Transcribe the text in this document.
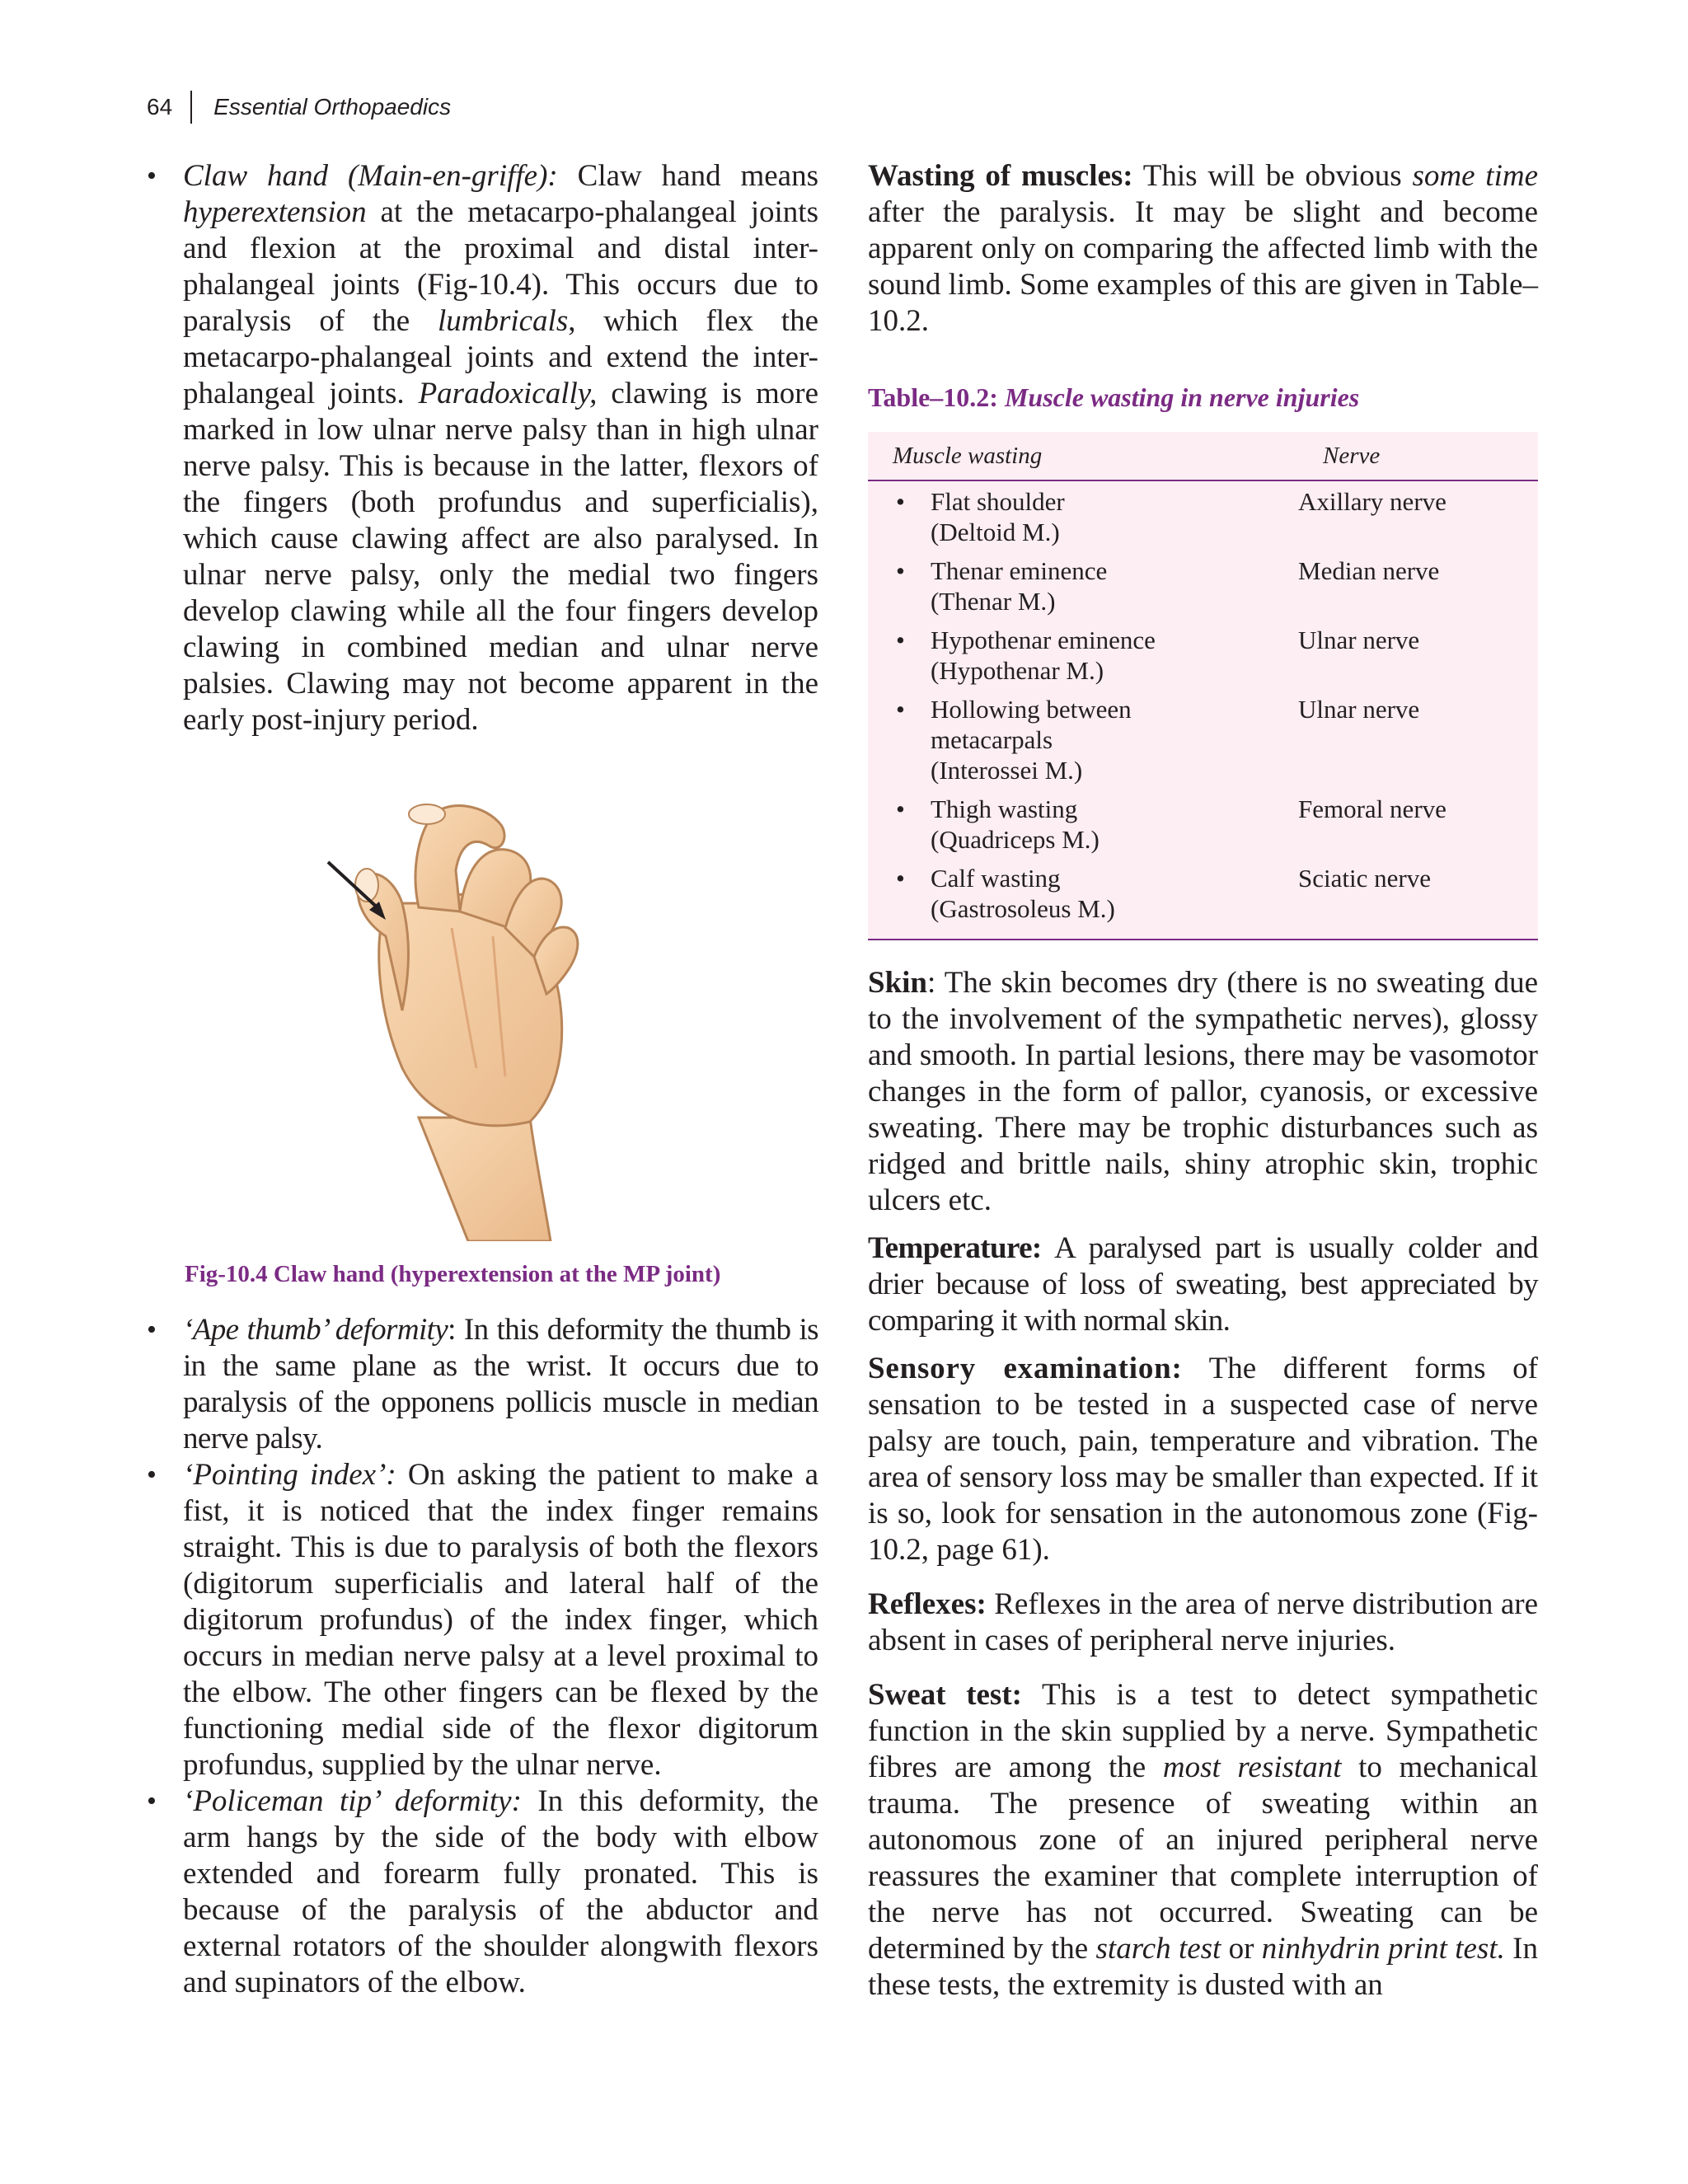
64 Essential Orthopaedics

• Claw hand (Main-en-griffe): Claw hand means hyperextension at the metacarpo-phalangeal joints and flexion at the proximal and distal inter-phalangeal joints (Fig-10.4). This occurs due to paralysis of the lumbricals, which flex the metacarpo-phalangeal joints and extend the inter-phalangeal joints. Paradoxically, clawing is more marked in low ulnar nerve palsy than in high ulnar nerve palsy. This is because in the latter, flexors of the fingers (both profundus and superficialis), which cause clawing affect are also paralysed. In ulnar nerve palsy, only the medial two fingers develop clawing while all the four fingers develop clawing in combined median and ulnar nerve palsies. Clawing may not become apparent in the early post-injury period.

Fig-10.4 Claw hand (hyperextension at the MP joint)

• ‘Ape thumb’ deformity: In this deformity the thumb is in the same plane as the wrist. It occurs due to paralysis of the opponens pollicis muscle in median nerve palsy.

• ‘Pointing index’: On asking the patient to make a fist, it is noticed that the index finger remains straight. This is due to paralysis of both the flexors (digitorum superficialis and lateral half of the digitorum profundus) of the index finger, which occurs in median nerve palsy at a level proximal to the elbow. The other fingers can be flexed by the functioning medial side of the flexor digitorum profundus, supplied by the ulnar nerve.

• ‘Policeman tip’ deformity: In this deformity, the arm hangs by the side of the body with elbow extended and forearm fully pronated. This is because of the paralysis of the abductor and external rotators of the shoulder alongwith flexors and supinators of the elbow.

Wasting of muscles: This will be obvious some time after the paralysis. It may be slight and become apparent only on comparing the affected limb with the sound limb. Some examples of this are given in Table–10.2.

Table–10.2: Muscle wasting in nerve injuries
Muscle wasting	Nerve
• Flat shoulder
(Deltoid M.)
Axillary nerve
• Thenar eminence
(Thenar M.)
Median nerve
• Hypothenar eminence
(Hypothenar M.)
Ulnar nerve
• Hollowing between
metacarpals
(Interossei M.)
Ulnar nerve
• Thigh wasting
(Quadriceps M.)
Femoral nerve
• Calf wasting
(Gastrosoleus M.)
Sciatic nerve

Skin: The skin becomes dry (there is no sweating due to the involvement of the sympathetic nerves), glossy and smooth. In partial lesions, there may be vasomotor changes in the form of pallor, cyanosis, or excessive sweating. There may be trophic disturbances such as ridged and brittle nails, shiny atrophic skin, trophic ulcers etc.

Temperature: A paralysed part is usually colder and drier because of loss of sweating, best appreciated by comparing it with normal skin.

Sensory examination: The different forms of sensation to be tested in a suspected case of nerve palsy are touch, pain, temperature and vibration. The area of sensory loss may be smaller than expected. If it is so, look for sensation in the autonomous zone (Fig-10.2, page 61).

Reflexes: Reflexes in the area of nerve distribution are absent in cases of peripheral nerve injuries.

Sweat test: This is a test to detect sympathetic function in the skin supplied by a nerve. Sympathetic fibres are among the most resistant to mechanical trauma. The presence of sweating within an autonomous zone of an injured peripheral nerve reassures the examiner that complete interruption of the nerve has not occurred. Sweating can be determined by the starch test or ninhydrin print test. In these tests, the extremity is dusted with an
